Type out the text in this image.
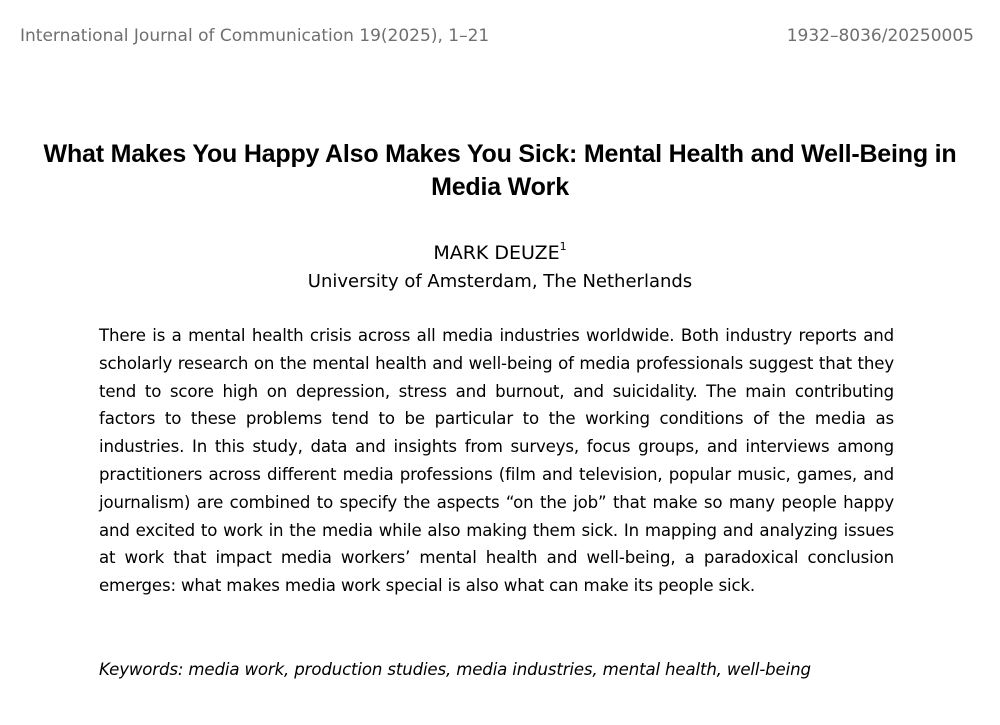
International Journal of Communication 19(2025), 1–21	1932–8036/20250005
What Makes You Happy Also Makes You Sick: Mental Health and Well-Being in Media Work
MARK DEUZE$^1$
University of Amsterdam, The Netherlands

There is a mental health crisis across all media industries worldwide. Both industry reports and scholarly research on the mental health and well-being of media professionals suggest that they tend to score high on depression, stress and burnout, and suicidality. The main contributing factors to these problems tend to be particular to the working conditions of the media as industries. In this study, data and insights from surveys, focus groups, and interviews among practitioners across different media professions (film and television, popular music, games, and journalism) are combined to specify the aspects “on the job” that make so many people happy and excited to work in the media while also making them sick. In mapping and analyzing issues at work that impact media workers’ mental health and well-being, a paradoxical conclusion emerges: what makes media work special is also what can make its people sick.

Keywords: media work, production studies, media industries, mental health, well-being
